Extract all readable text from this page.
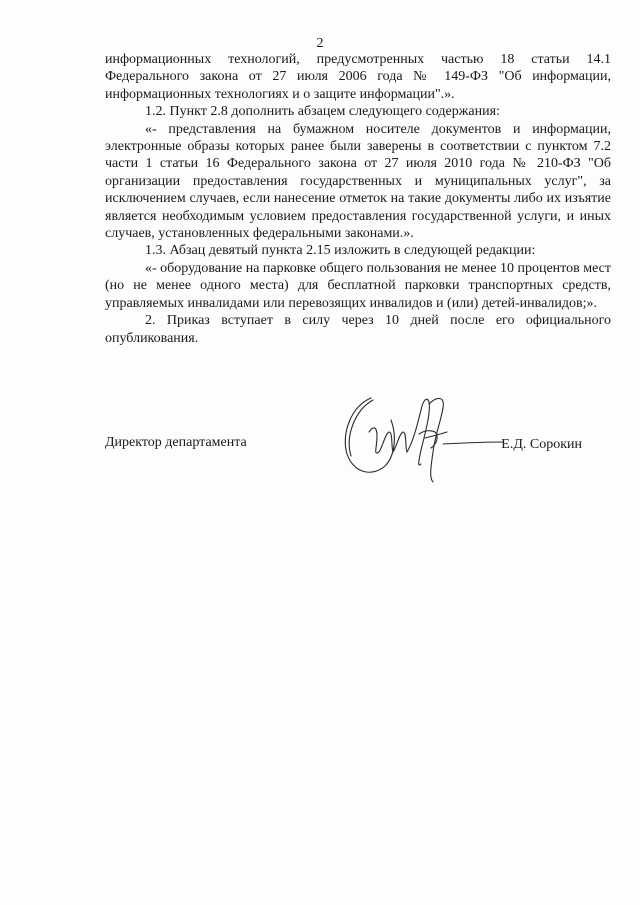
2

информационных технологий, предусмотренных частью 18 статьи 14.1 Федерального закона от 27 июля 2006 года № 149-ФЗ "Об информации, информационных технологиях и о защите информации".».

1.2. Пункт 2.8 дополнить абзацем следующего содержания:

«- представления на бумажном носителе документов и информации, электронные образы которых ранее были заверены в соответствии с пунктом 7.2 части 1 статьи 16 Федерального закона от 27 июля 2010 года № 210-ФЗ "Об организации предоставления государственных и муниципальных услуг", за исключением случаев, если нанесение отметок на такие документы либо их изъятие является необходимым условием предоставления государственной услуги, и иных случаев, установленных федеральными законами.».

1.3. Абзац девятый пункта 2.15 изложить в следующей редакции:

«- оборудование на парковке общего пользования не менее 10 процентов мест (но не менее одного места) для бесплатной парковки транспортных средств, управляемых инвалидами или перевозящих инвалидов и (или) детей-инвалидов;».

2. Приказ вступает в силу через 10 дней после его официального опубликования.

Директор департамента	Е.Д. Сорокин
